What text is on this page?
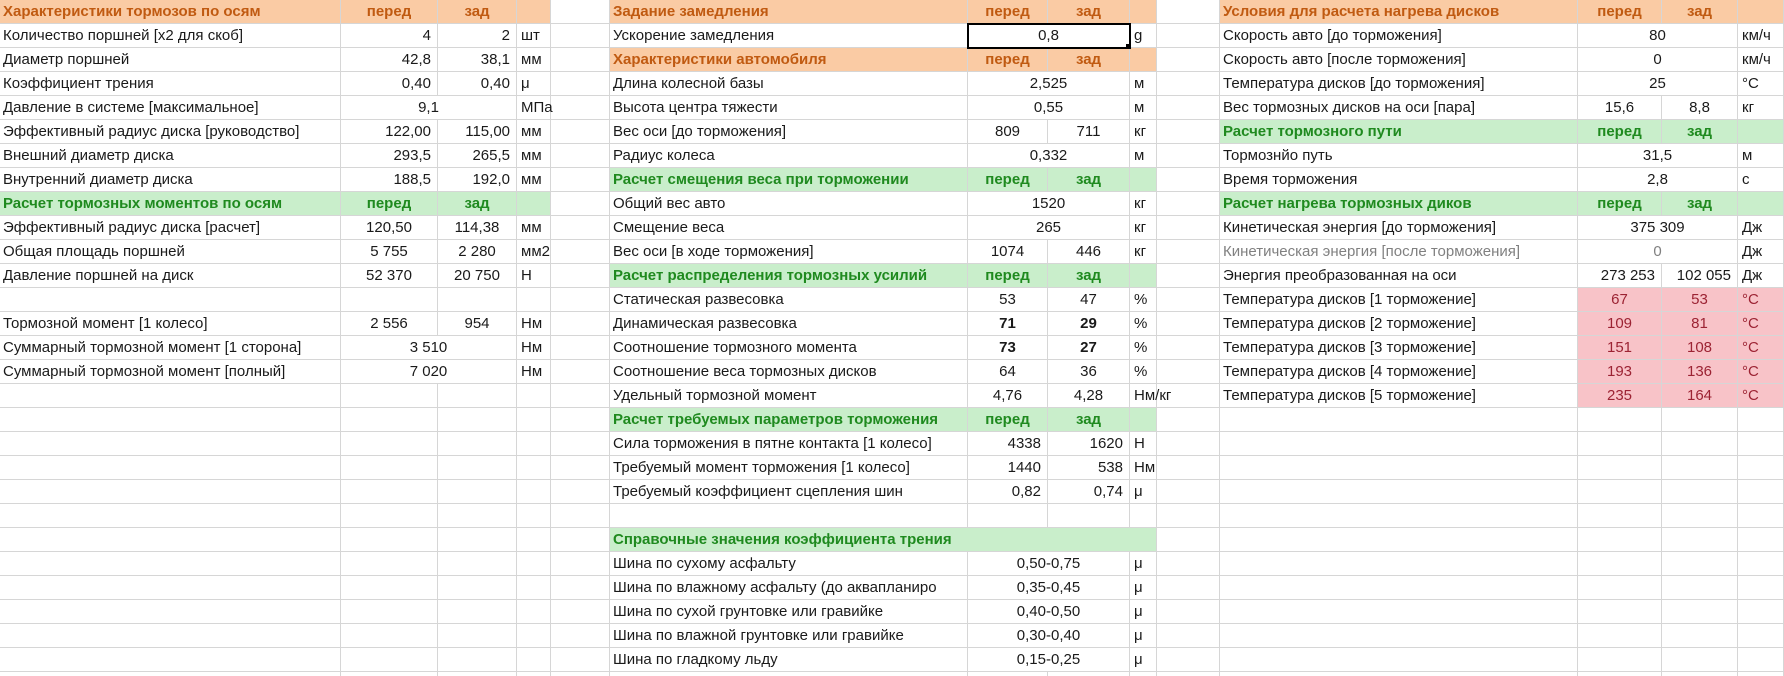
Характеристики тормозов по осям	перед	зад
Количество поршней [x2 для скоб]	4	2 шт
Диаметр поршней	42,8	38,1 мм
Коэффициент трения	0,40	0,40 μ
Давление в системе [максимальное]	9,1	МПа
Эффективный радиус диска [руководство]	122,00	115,00 мм
Внешний диаметр диска	293,5	265,5 мм
Внутренний диаметр диска	188,5	192,0 мм
Расчет тормозных моментов по осям	перед	зад
Эффективный радиус диска [расчет]	120,50	114,38	мм
Общая площадь поршней	5 755	2 280	мм2
Давление поршней на диск	52 370	20 750	Н
Тормозной момент [1 колесо]	2 556	954	Нм
Суммарный тормозной момент [1 сторона]	3 510	Нм
Суммарный тормозной момент [полный]	7 020	Нм
Задание замедления	перед	зад
Ускорение замедления	0,8	g
Характеристики автомобиля	перед	зад
Длина колесной базы	2,525	м
Высота центра тяжести	0,55	м
Вес оси [до торможения]	809	711	кг
Радиус колеса	0,332	м
Расчет смещения веса при торможении	перед	зад
Общий вес авто	1520	кг
Смещение веса	265	кг
Вес оси [в ходе торможения]	1074	446	кг
Расчет распределения тормозных усилий	перед	зад
Статическая развесовка	53	47	%
Динамическая развесовка	71	29	%
Соотношение тормозного момента	73	27	%
Соотношение веса тормозных дисков	64	36	%
Удельный тормозной момент	4,76	4,28	Нм/кг
Расчет требуемых параметров торможения	перед	зад
Сила торможения в пятне контакта [1 колесо]	4338	1620 Н
Требуемый момент торможения [1 колесо]	1440	538 Нм
Требуемый коэффициент сцепления шин	0,82	0,74 μ
Справочные значения коэффициента трения
Шина по сухому асфальту	0,50-0,75	μ
Шина по влажному асфальту (до аквапланиро	0,35-0,45	μ
Шина по сухой грунтовке или гравийке	0,40-0,50	μ
Шина по влажной грунтовке или гравийке	0,30-0,40	μ
Шина по гладкому льду	0,15-0,25	μ
Условия для расчета нагрева дисков	перед	зад
Скорость авто [до торможения]	80	км/ч
Скорость авто [после торможения]	0	км/ч
Температура дисков [до торможения]	25	°C
Вес тормозных дисков на оси [пара]	15,6	8,8	кг
Расчет тормозного пути	перед	зад
Тормознйо путь	31,5	м
Время торможения	2,8	с
Расчет нагрева тормозных диков	перед	зад
Кинетическая энергия [до торможения]	375 309	Дж
Кинетическая энергия [после торможения]	0	Дж
Энергия преобразованная на оси	273 253	102 055 Дж
Температура дисков [1 торможение]	67	53	°C
Температура дисков [2 торможение]	109	81	°C
Температура дисков [3 торможение]	151	108	°C
Температура дисков [4 торможение]	193	136	°C
Температура дисков [5 торможение]	235	164	°C
